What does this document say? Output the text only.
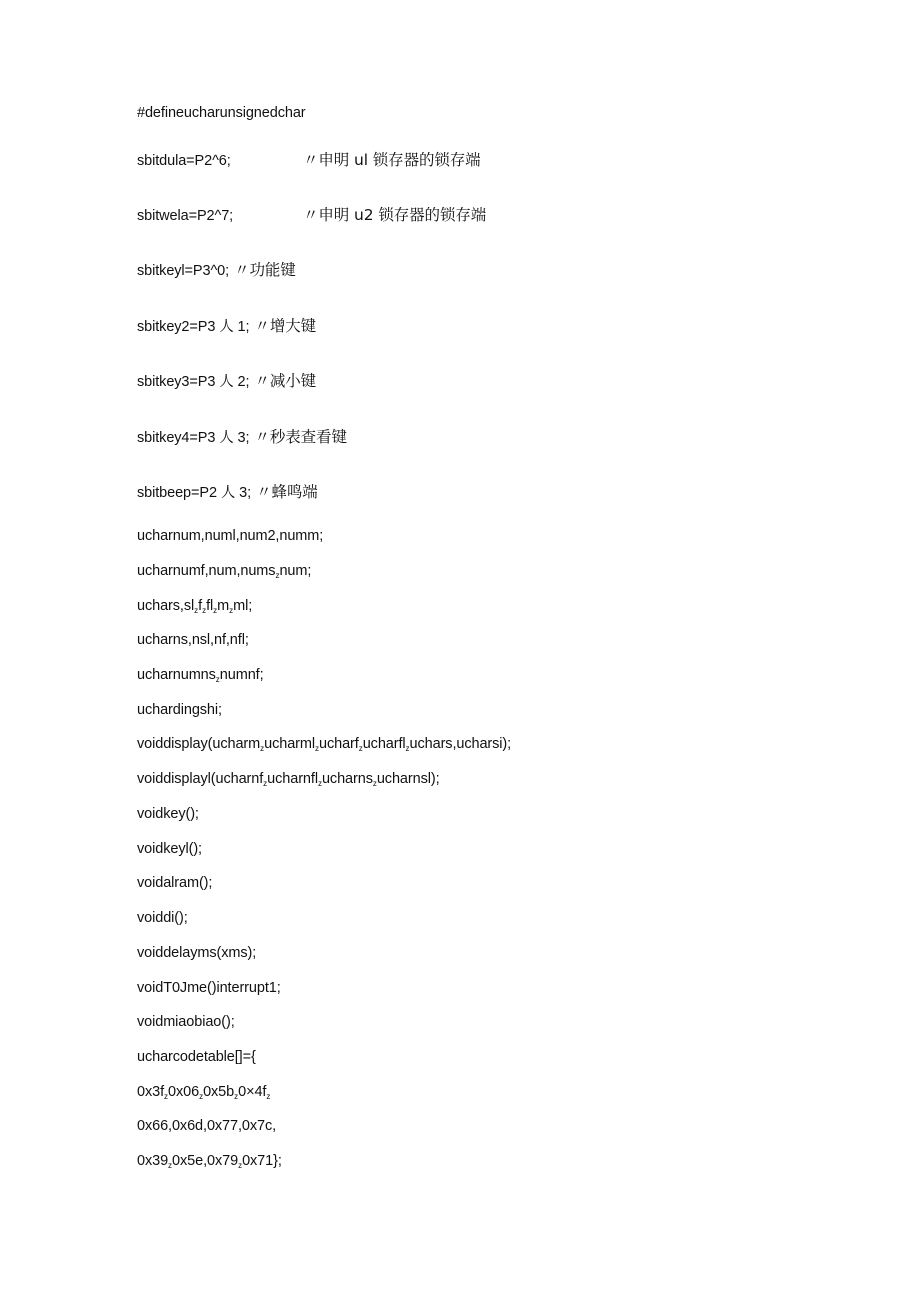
#defineucharunsignedchar
sbitdula=P2^6;	〃申明 ul 锁存器的锁存端
sbitwela=P2^7;	〃申明 u2 锁存器的锁存端
sbitkeyl=P3^0; 〃功能键
sbitkey2=P3 人 1; 〃增大键
sbitkey3=P3 人 2; 〃减小键
sbitkey4=P3 人 3; 〃秒表查看键
sbitbeep=P2 人 3; 〃蜂鸣端
ucharnum,numl,num2,numm;
ucharnumf,num,nums$_z$num;
$uchars,sl_zf_zfl_zm_zml$;
ucharns,nsl,nf,nfl;
ucharnumns$_z$numnf;
uchardingshi;
voiddisplay(ucharm$_z$ucharml$_z$ucharf$_z$ucharfl$_z$uchars,ucharsi);
voiddisplayl(ucharnf$_z$ucharnfl$_z$ucharns$_z$ucharnsl);
voidkey();
voidkeyl();
voidalram();
voiddi();
voiddelayms(xms);
voidT0Jme()interrupt1;
voidmiaobiao();
ucharcodetable[]={
$0x3f_z0x06_z0x5b_z0\times 4f_z$
0x66,0x6d,0x77,0x7c,
$0x39_z0x5e,0x79_z0x71$};
